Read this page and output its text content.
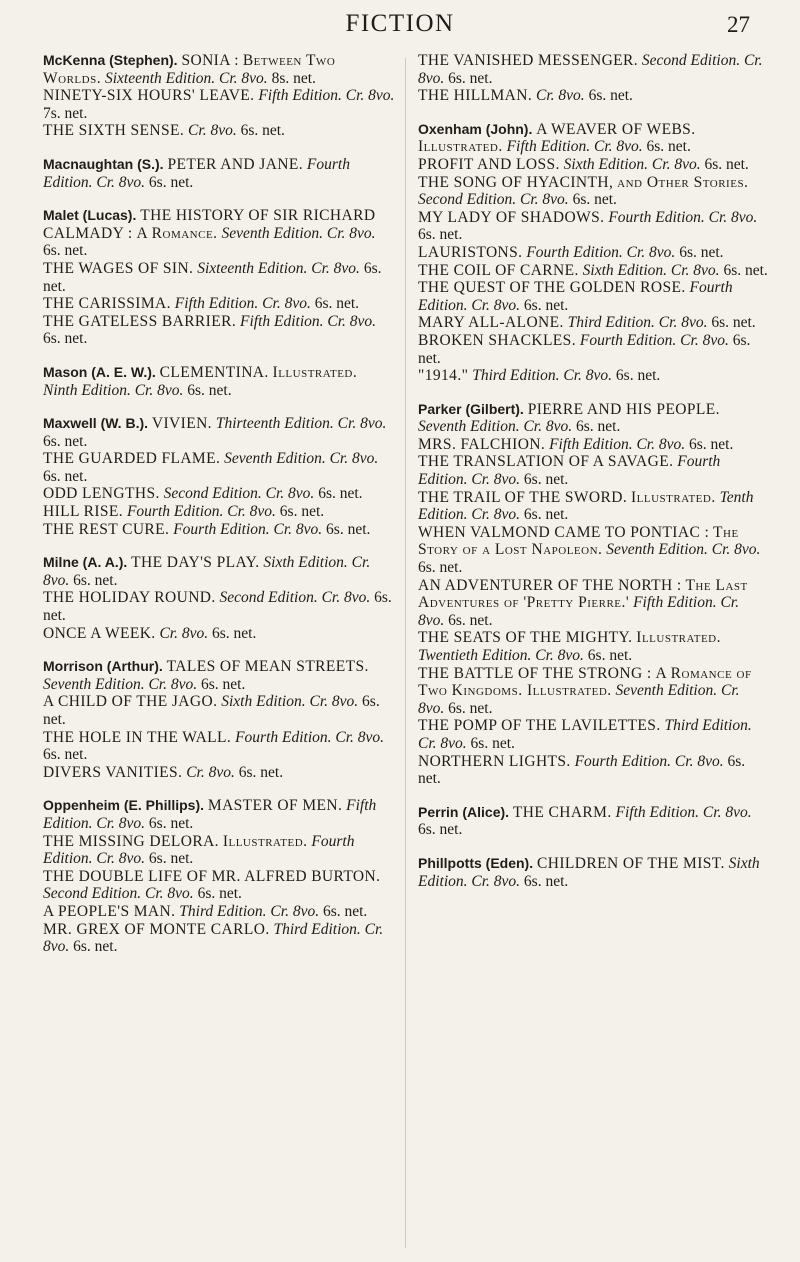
FICTION	27

McKenna (Stephen). SONIA : Between Two Worlds. Sixteenth Edition. Cr. 8vo. 8s. net.

NINETY-SIX HOURS' LEAVE. Fifth Edition. Cr. 8vo. 7s. net.

THE SIXTH SENSE. Cr. 8vo. 6s. net.

Macnaughtan (S.). PETER AND JANE. Fourth Edition. Cr. 8vo. 6s. net.

Malet (Lucas). THE HISTORY OF SIR RICHARD CALMADY : A Romance. Seventh Edition. Cr. 8vo. 6s. net.

THE WAGES OF SIN. Sixteenth Edition. Cr. 8vo. 6s. net.

THE CARISSIMA. Fifth Edition. Cr. 8vo. 6s. net.

THE GATELESS BARRIER. Fifth Edition. Cr. 8vo. 6s. net.

Mason (A. E. W.). CLEMENTINA. Illustrated. Ninth Edition. Cr. 8vo. 6s. net.

Maxwell (W. B.). VIVIEN. Thirteenth Edition. Cr. 8vo. 6s. net.

THE GUARDED FLAME. Seventh Edition. Cr. 8vo. 6s. net.

ODD LENGTHS. Second Edition. Cr. 8vo. 6s. net.

HILL RISE. Fourth Edition. Cr. 8vo. 6s. net.

THE REST CURE. Fourth Edition. Cr. 8vo. 6s. net.

Milne (A. A.). THE DAY'S PLAY. Sixth Edition. Cr. 8vo. 6s. net.

THE HOLIDAY ROUND. Second Edition. Cr. 8vo. 6s. net.

ONCE A WEEK. Cr. 8vo. 6s. net.

Morrison (Arthur). TALES OF MEAN STREETS. Seventh Edition. Cr. 8vo. 6s. net.

A CHILD OF THE JAGO. Sixth Edition. Cr. 8vo. 6s. net.

THE HOLE IN THE WALL. Fourth Edition. Cr. 8vo. 6s. net.

DIVERS VANITIES. Cr. 8vo. 6s. net.

Oppenheim (E. Phillips). MASTER OF MEN. Fifth Edition. Cr. 8vo. 6s. net.

THE MISSING DELORA. Illustrated. Fourth Edition. Cr. 8vo. 6s. net.

THE DOUBLE LIFE OF MR. ALFRED BURTON. Second Edition. Cr. 8vo. 6s. net.

A PEOPLE'S MAN. Third Edition. Cr. 8vo. 6s. net.

MR. GREX OF MONTE CARLO. Third Edition. Cr. 8vo. 6s. net.

THE VANISHED MESSENGER. Second Edition. Cr. 8vo. 6s. net.

THE HILLMAN. Cr. 8vo. 6s. net.

Oxenham (John). A WEAVER OF WEBS. Illustrated. Fifth Edition. Cr. 8vo. 6s. net.

PROFIT AND LOSS. Sixth Edition. Cr. 8vo. 6s. net.

THE SONG OF HYACINTH, and Other Stories. Second Edition. Cr. 8vo. 6s. net.

MY LADY OF SHADOWS. Fourth Edition. Cr. 8vo. 6s. net.

LAURISTONS. Fourth Edition. Cr. 8vo. 6s. net.

THE COIL OF CARNE. Sixth Edition. Cr. 8vo. 6s. net.

THE QUEST OF THE GOLDEN ROSE. Fourth Edition. Cr. 8vo. 6s. net.

MARY ALL-ALONE. Third Edition. Cr. 8vo. 6s. net.

BROKEN SHACKLES. Fourth Edition. Cr. 8vo. 6s. net.

"1914." Third Edition. Cr. 8vo. 6s. net.

Parker (Gilbert). PIERRE AND HIS PEOPLE. Seventh Edition. Cr. 8vo. 6s. net.

MRS. FALCHION. Fifth Edition. Cr. 8vo. 6s. net.

THE TRANSLATION OF A SAVAGE. Fourth Edition. Cr. 8vo. 6s. net.

THE TRAIL OF THE SWORD. Illustrated. Tenth Edition. Cr. 8vo. 6s. net.

WHEN VALMOND CAME TO PONTIAC : The Story of a Lost Napoleon. Seventh Edition. Cr. 8vo. 6s. net.

AN ADVENTURER OF THE NORTH : The Last Adventures of 'Pretty Pierre.' Fifth Edition. Cr. 8vo. 6s. net.

THE SEATS OF THE MIGHTY. Illustrated. Twentieth Edition. Cr. 8vo. 6s. net.

THE BATTLE OF THE STRONG : A Romance of Two Kingdoms. Illustrated. Seventh Edition. Cr. 8vo. 6s. net.

THE POMP OF THE LAVILETTES. Third Edition. Cr. 8vo. 6s. net.

NORTHERN LIGHTS. Fourth Edition. Cr. 8vo. 6s. net.

Perrin (Alice). THE CHARM. Fifth Edition. Cr. 8vo. 6s. net.

Phillpotts (Eden). CHILDREN OF THE MIST. Sixth Edition. Cr. 8vo. 6s. net.
